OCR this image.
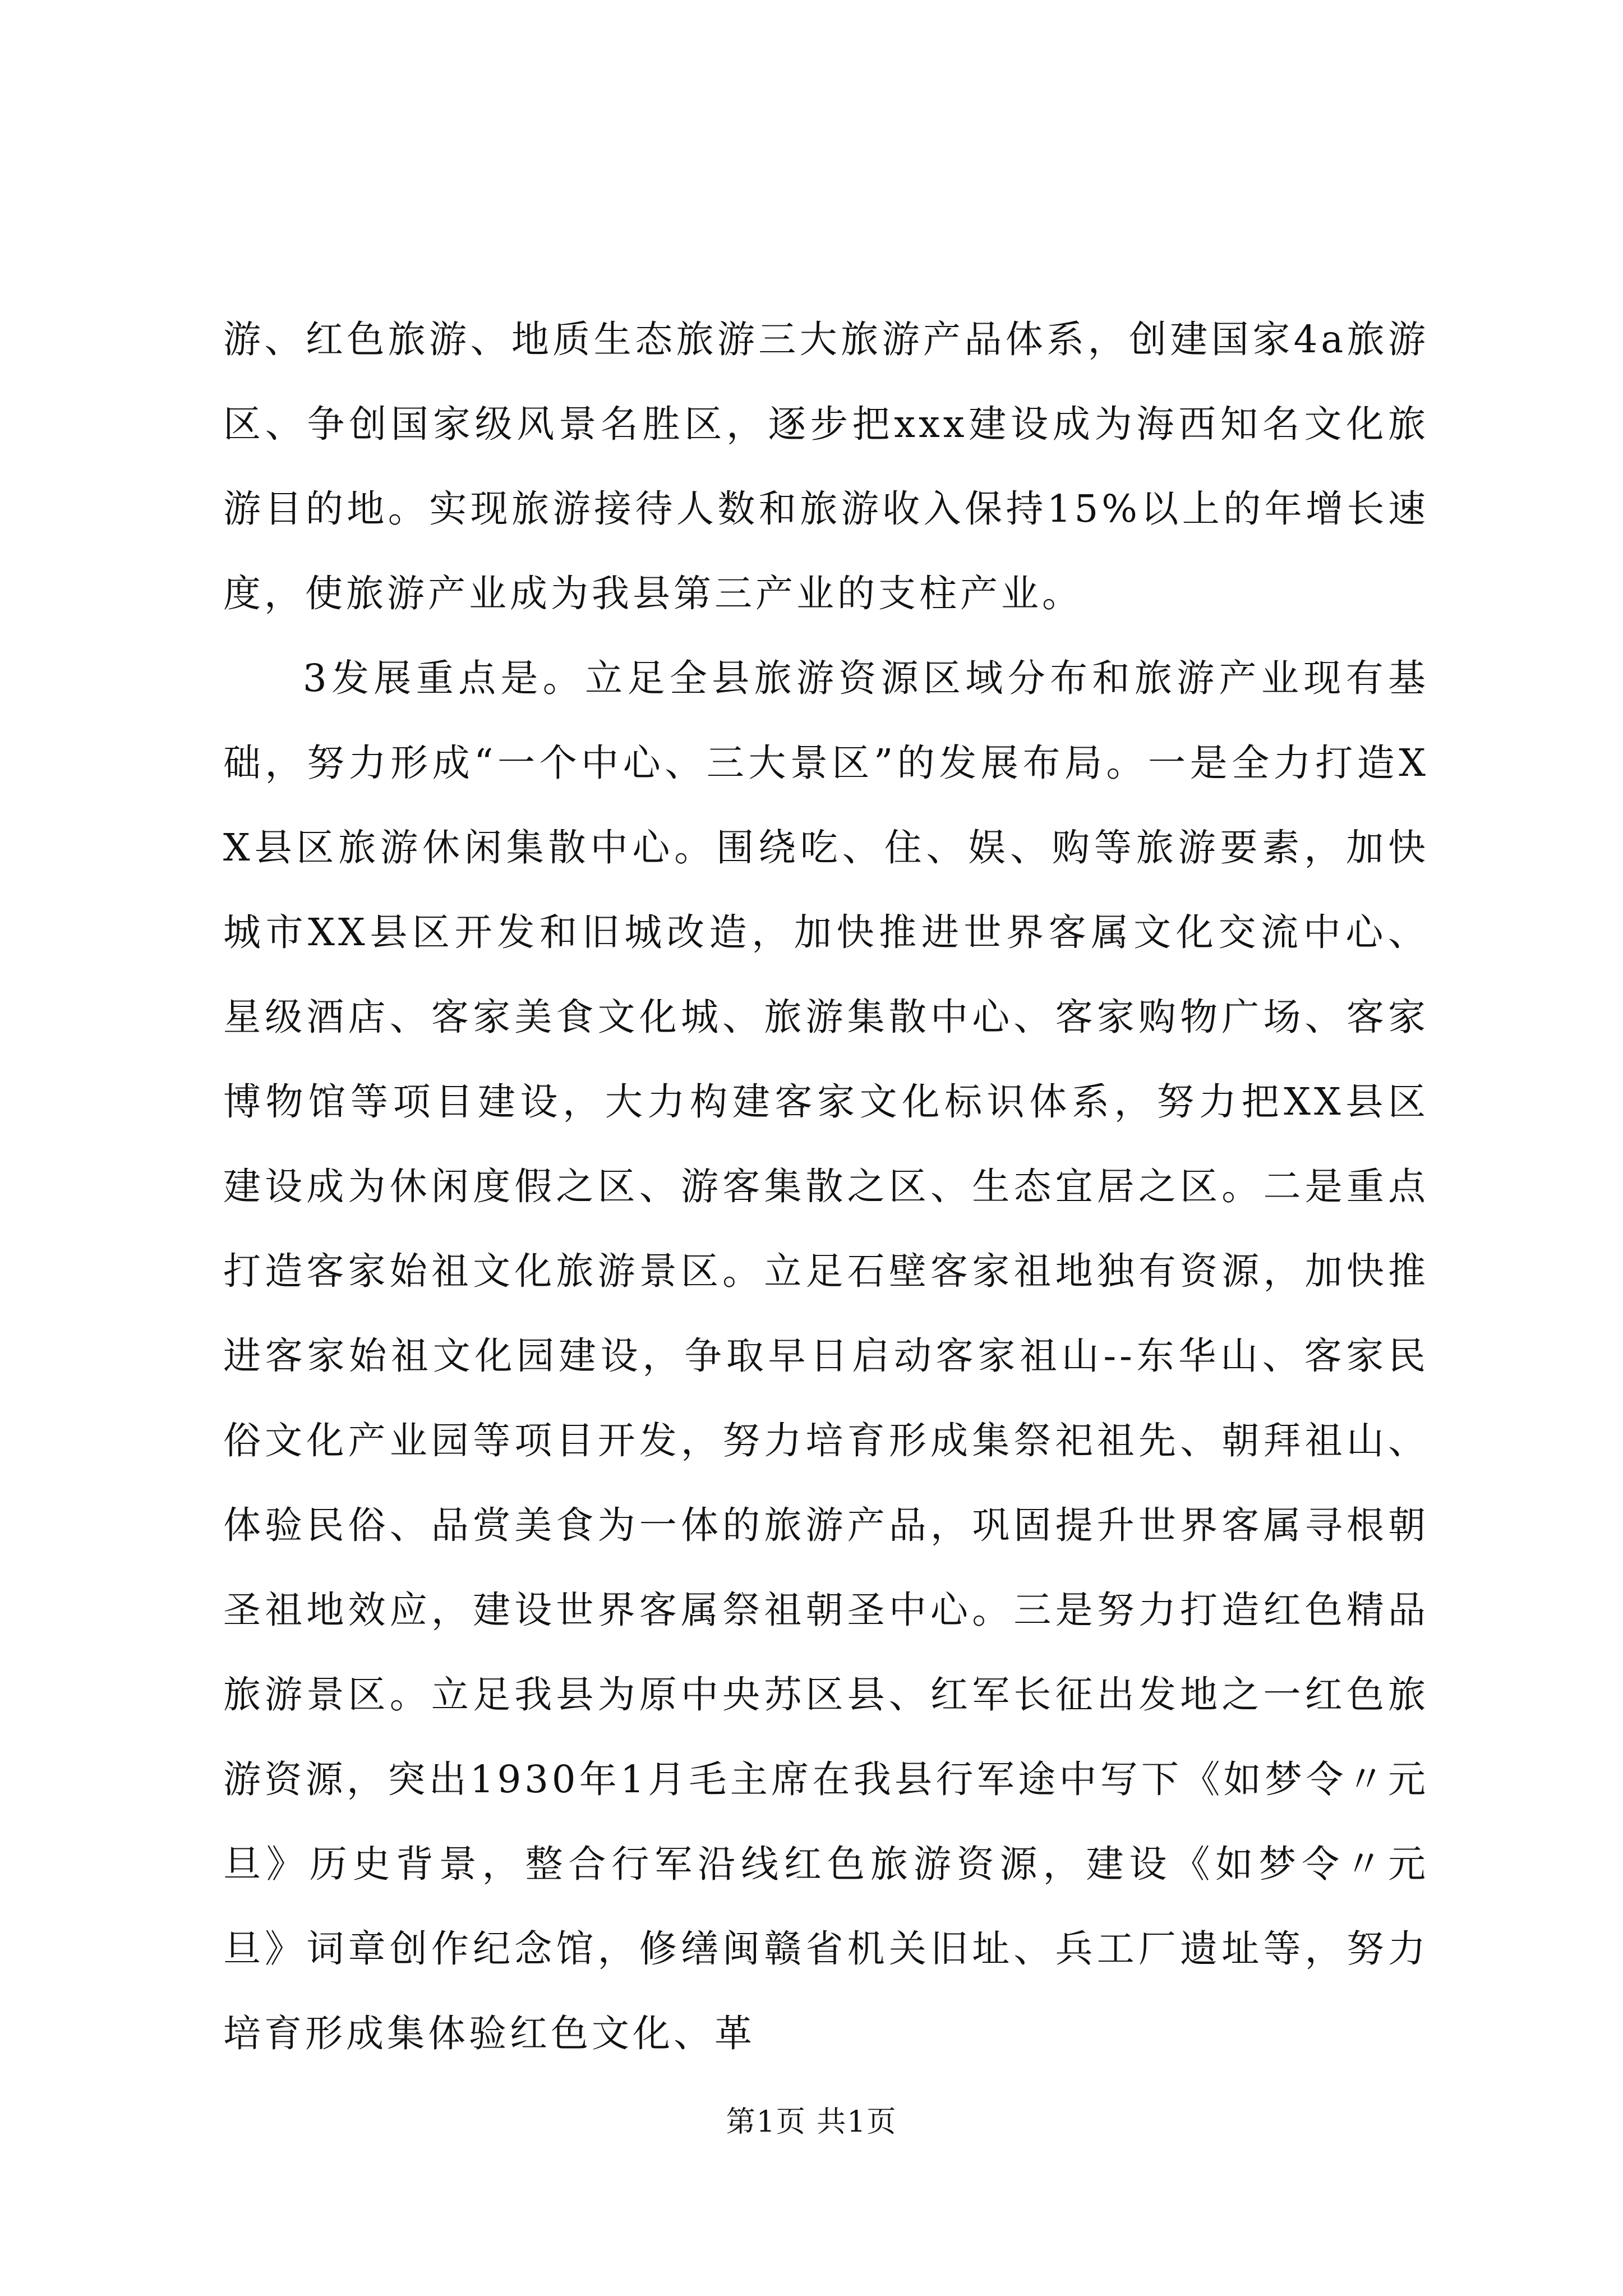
游、红色旅游、地质生态旅游三大旅游产品体系，创建国家4a旅游区、争创国家级风景名胜区，逐步把xxx建设成为海西知名文化旅游目的地。实现旅游接待人数和旅游收入保持15%以上的年增长速度，使旅游产业成为我县第三产业的支柱产业。

3发展重点是。立足全县旅游资源区域分布和旅游产业现有基础，努力形成“一个中心、三大景区”的发展布局。一是全力打造XX县区旅游休闲集散中心。围绕吃、住、娱、购等旅游要素，加快城市XX县区开发和旧城改造，加快推进世界客属文化交流中心、星级酒店、客家美食文化城、旅游集散中心、客家购物广场、客家博物馆等项目建设，大力构建客家文化标识体系，努力把XX县区建设成为休闲度假之区、游客集散之区、生态宜居之区。二是重点打造客家始祖文化旅游景区。立足石壁客家祖地独有资源，加快推进客家始祖文化园建设，争取早日启动客家祖山--东华山、客家民俗文化产业园等项目开发，努力培育形成集祭祀祖先、朝拜祖山、体验民俗、品赏美食为一体的旅游产品，巩固提升世界客属寻根朝圣祖地效应，建设世界客属祭祖朝圣中心。三是努力打造红色精品旅游景区。立足我县为原中央苏区县、红军长征出发地之一红色旅游资源，突出1930年1月毛主席在我县行军途中写下《如梦令〃元旦》历史背景，整合行军沿线红色旅游资源，建设《如梦令〃元旦》词章创作纪念馆，修缮闽赣省机关旧址、兵工厂遗址等，努力培育形成集体验红色文化、革

第1页 共1页
